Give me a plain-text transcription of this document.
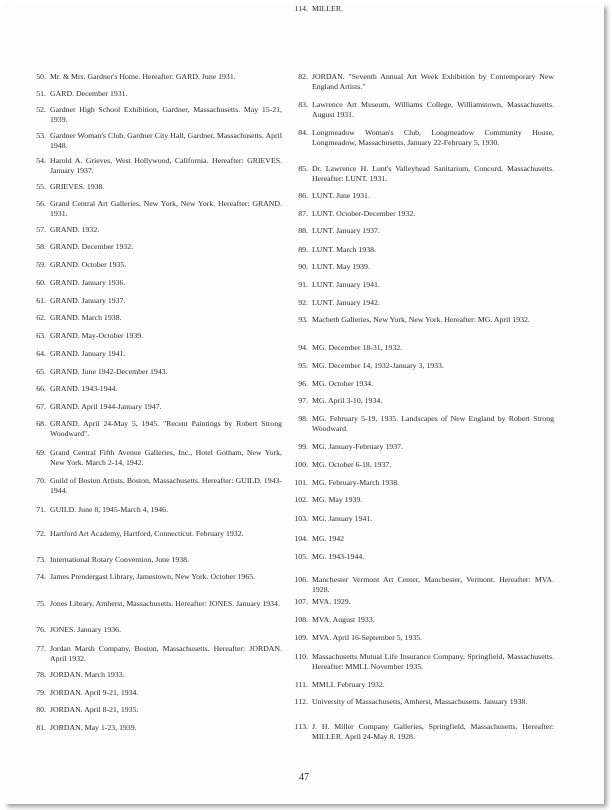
50. Mr. & Mrs. Gardner's Home. Hereafter: GARD. June 1931.
51. GARD. December 1931.
52. Gardner High School Exhibition, Gardner, Massachusetts. May 15-21, 1939.
53. Gardner Woman's Club, Gardner City Hall, Gardner, Massachusetts. April 1948.
54. Harold A. Grieves, West Hollywood, California. Hereafter: GRIEVES. January 1937.
55. GRIEVES. 1938.
56. Grand Central Art Galleries, New York, New York. Hereafter: GRAND. 1931.
57. GRAND. 1932.
58. GRAND. December 1932.
59. GRAND. October 1935.
60. GRAND. January 1936.
61. GRAND. January 1937.
62. GRAND. March 1938.
63. GRAND. May-October 1939.
64. GRAND. January 1941.
65. GRAND. June 1942-December 1943.
66. GRAND. 1943-1944.
67. GRAND. April 1944-January 1947.
68. GRAND. April 24-May 5, 1945. "Recent Paintings by Robert Strong Woodward".
69. Grand Central Fifth Avenue Galleries, Inc., Hotel Gotham, New York, New York. March 2-14, 1942.
70. Guild of Boston Artists, Boston, Massachusetts. Hereafter: GUILD. 1943-1944.
71. GUILD. June 8, 1945-March 4, 1946.
72. Hartford Art Academy, Hartford, Connecticut. February 1932.
73. International Rotary Convention, June 1938.
74. James Prendergast Library, Jamestown, New York. October 1965.
75. Jones Library, Amherst, Massachusetts. Hereafter: JONES. January 1934.
76. JONES. January 1936.
77. Jordan Marsh Company, Boston, Massachusetts. Hereafter: JORDAN. April 1932.
78. JORDAN. March 1933.
79. JORDAN. April 9-21, 1934.
80. JORDAN. April 8-21, 1935.
81. JORDAN. May 1-23, 1939.
82. JORDAN. "Seventh Annual Art Week Exhibition by Contemporary New England Artists."
83. Lawrence Art Museum, Williams College, Williamstown, Massachusetts. August 1931.
84. Longmeadow Woman's Club, Longmeadow Community House, Longmeadow, Massachusetts. January 22-February 5, 1930.
85. Dr. Lawrence H. Lunt's Valleyhead Sanitarium, Concord, Massachusetts. Hereafter: LUNT. 1931.
86. LUNT. June 1931.
87. LUNT. October-December 1932.
88. LUNT. January 1937.
89. LUNT. March 1938.
90. LUNT. May 1939.
91. LUNT. January 1941.
92. LUNT. January 1942.
93. Macbeth Galleries, New York, New York. Hereafter: MG. April 1932.
94. MG. December 18-31, 1932.
95. MG. December 14, 1932-January 3, 1933.
96. MG. October 1934.
97. MG. April 3-10, 1934.
98. MG. February 5-19, 1935. Landscapes of New England by Robert Strong Woodward.
99. MG. January-February 1937.
100. MG. October 6-18, 1937.
101. MG. February-March 1938.
102. MG. May 1939.
103. MG. January 1941.
104. MG. 1942
105. MG. 1943-1944.
106. Manchester Vermont Art Center, Manchester, Vermont. Hereafter: MVA. 1928.
107. MVA. 1929.
108. MVA. August 1933.
109. MVA. April 16-September 5, 1935.
110. Massachusetts Mutual Life Insurance Company, Springfield, Massachusetts. Hereafter: MMLI. November 1935.
111. MMLI. February 1932.
112. University of Massachusetts, Amherst, Massachusetts. January 1938.
113. J. H. Miller Company Galleries, Springfield, Massachusetts. Hereafter: MILLER. April 24-May 8, 1928.
114. MILLER.
47
